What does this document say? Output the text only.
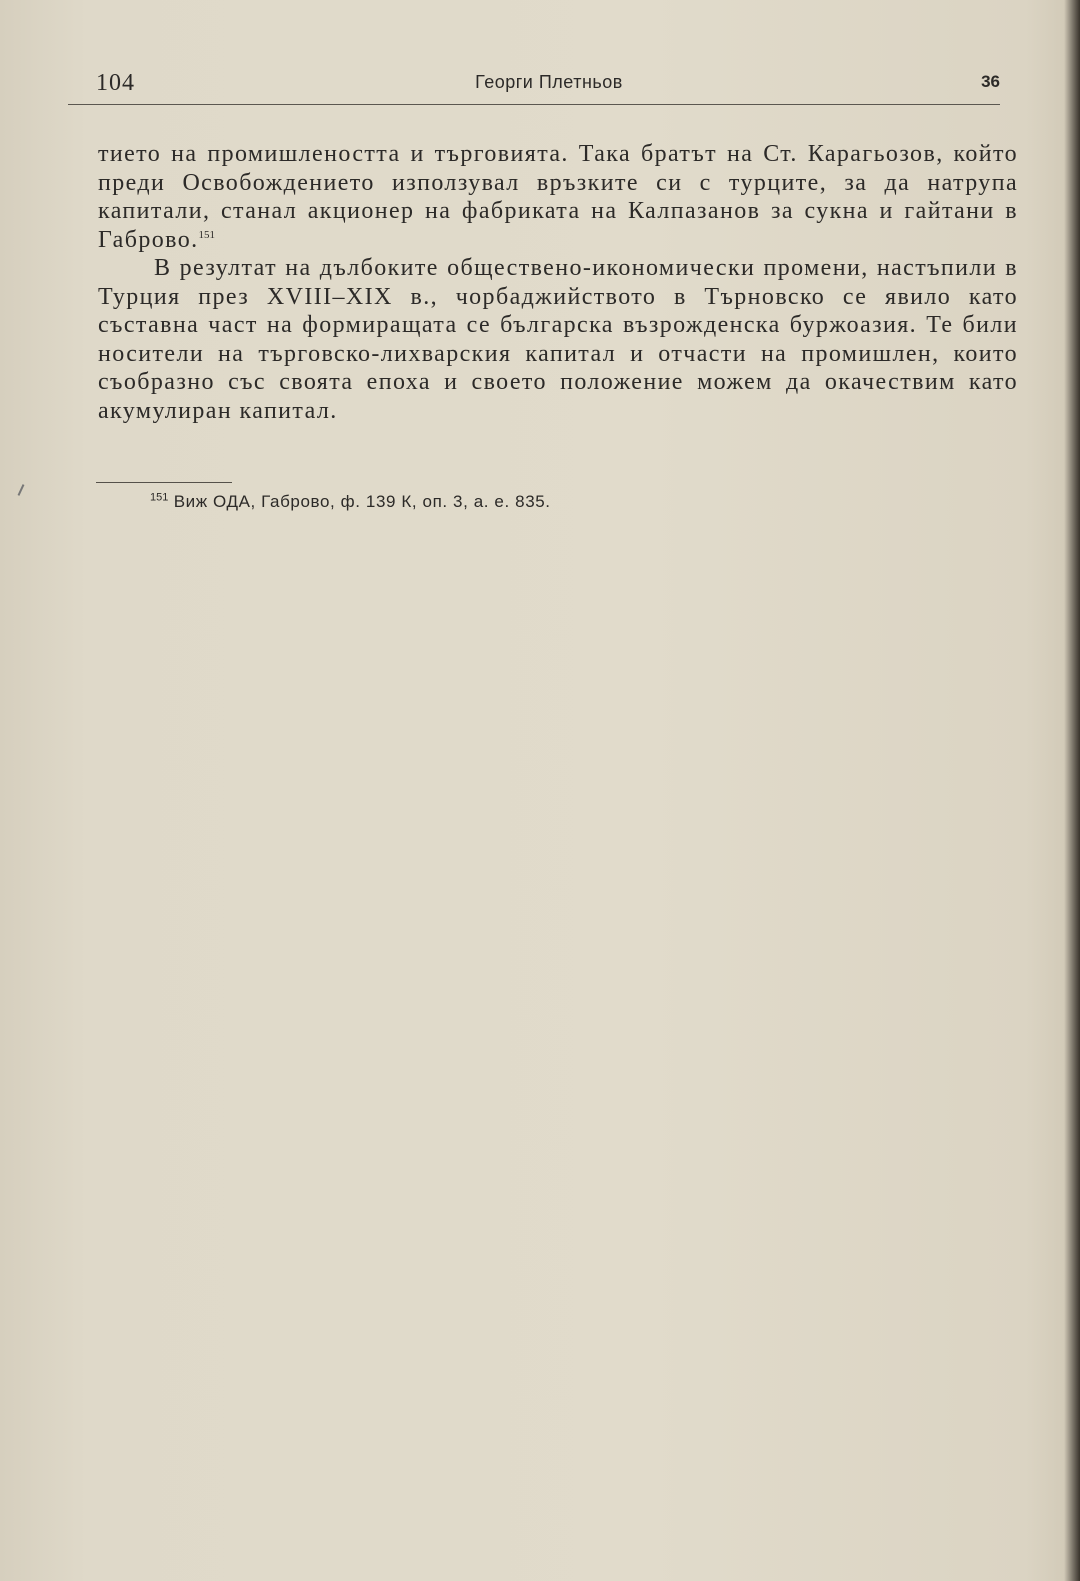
104	Георги Плетньов	36

тието на промишлеността и търговията. Така братът на Ст. Карагьозов, който преди Освобождението използувал връзките си с турците, за да натрупа капитали, станал акционер на фабриката на Калпазанов за сукна и гайтани в Габрово.$^{151}$

В резултат на дълбоките обществено-икономически промени, настъпили в Турция през XVIII–XIX в., чорбаджийството в Търновско се явило като съставна част на формиращата се българска възрожденска буржоазия. Те били носители на търговско-лихварския капитал и отчасти на промишлен, които съобразно със своята епоха и своето положение можем да окачествим като акумулиран капитал.

$^{151}$ Виж ОДА, Габрово, ф. 139 К, оп. 3, а. е. 835.
